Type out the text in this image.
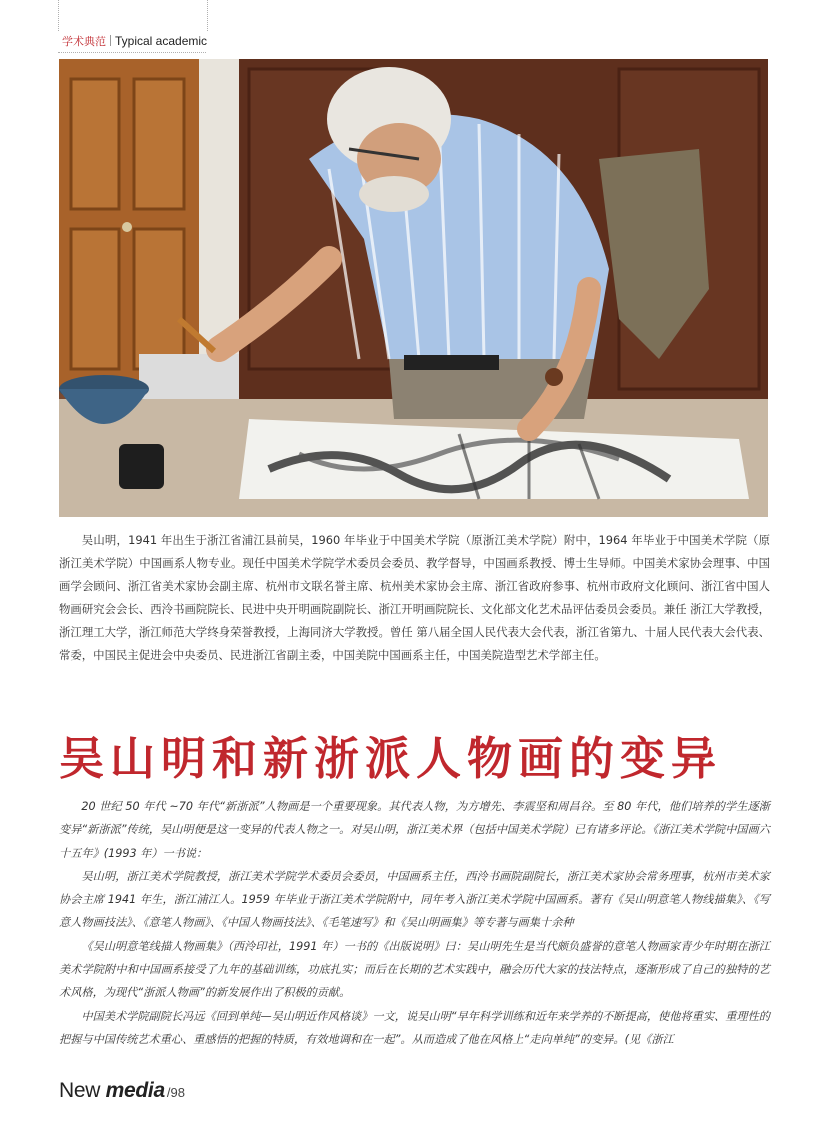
学术典范 Typical academic

吴山明，1941 年出生于浙江省浦江县前吴，1960 年毕业于中国美术学院（原浙江美术学院）附中，1964 年毕业于中国美术学院（原浙江美术学院）中国画系人物专业。现任中国美术学院学术委员会委员、教学督导，中国画系教授、博士生导师。中国美术家协会理事、中国画学会顾问、浙江省美术家协会副主席、杭州市文联名誉主席、杭州美术家协会主席、浙江省政府参事、杭州市政府文化顾问、浙江省中国人物画研究会会长、西泠书画院院长、民进中央开明画院副院长、浙江开明画院院长、文化部文化艺术品评估委员会委员。兼任 浙江大学教授，浙江理工大学，浙江师范大学终身荣誉教授，上海同济大学教授。曾任 第八届全国人民代表大会代表，浙江省第九、十届人民代表大会代表、常委，中国民主促进会中央委员、民进浙江省副主委，中国美院中国画系主任，中国美院造型艺术学部主任。

吴山明和新浙派人物画的变异

20 世纪 50 年代 ~70 年代“新浙派”人物画是一个重要现象。其代表人物，为方增先、李震坚和周昌谷。至 80 年代，他们培养的学生逐渐变异“新浙派”传统，吴山明便是这一变异的代表人物之一。对吴山明，浙江美术界（包括中国美术学院）已有诸多评论。《浙江美术学院中国画六十五年》(1993 年）一书说：

吴山明，浙江美术学院教授，浙江美术学院学术委员会委员，中国画系主任，西泠书画院副院长，浙江美术家协会常务理事，杭州市美术家协会主席 1941 年生，浙江浦江人。1959 年毕业于浙江美术学院附中，同年考入浙江美术学院中国画系。著有《吴山明意笔人物线描集》、《写意人物画技法》、《意笔人物画》、《中国人物画技法》、《毛笔速写》和《吴山明画集》等专著与画集十余种

《吴山明意笔线描人物画集》（西泠印社，1991 年）一书的《出版说明》曰：吴山明先生是当代颇负盛誉的意笔人物画家青少年时期在浙江美术学院附中和中国画系接受了九年的基础训练，功底扎实；而后在长期的艺术实践中，融会历代大家的技法特点，逐渐形成了自己的独特的艺术风格，为现代“浙派人物画”的新发展作出了积极的贡献。

中国美术学院副院长冯远《回到单纯—吴山明近作风格谈》一文，说吴山明“早年科学训练和近年来学养的不断提高，使他将重实、重理性的把握与中国传统艺术重心、重感悟的把握的特质，有效地调和在一起”。从而造成了他在风格上“走向单纯”的变异。(见《浙江

New media /98
